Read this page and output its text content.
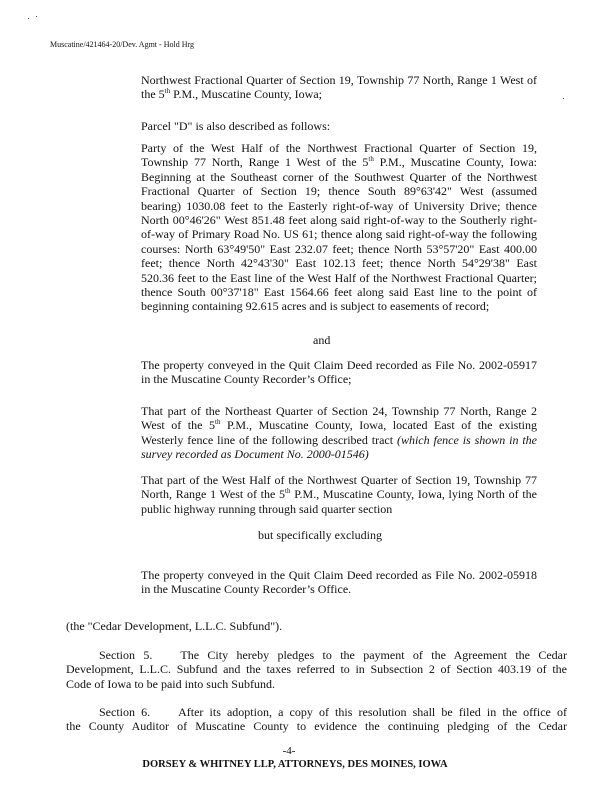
Muscatine/421464-20/Dev. Agmt - Hold Hrg
Northwest Fractional Quarter of Section 19, Township 77 North, Range 1 West of
the 5th P.M., Muscatine County, Iowa;
Parcel "D" is also described as follows:
Party of the West Half of the Northwest Fractional Quarter of Section 19,
Township 77 North, Range 1 West of the 5th P.M., Muscatine County, Iowa:
Beginning at the Southeast corner of the Southwest Quarter of the Northwest
Fractional Quarter of Section 19; thence South 89°63'42" West (assumed
bearing) 1030.08 feet to the Easterly right-of-way of University Drive; thence
North 00°46'26" West 851.48 feet along said right-of-way to the Southerly right-
of-way of Primary Road No. US 61; thence along said right-of-way the following
courses: North 63°49'50" East 232.07 feet; thence North 53°57'20" East 400.00
feet; thence North 42°43'30" East 102.13 feet; thence North 54°29'38" East
520.36 feet to the East line of the West Half of the Northwest Fractional Quarter;
thence South 00°37'18" East 1564.66 feet along said East line to the point of
beginning containing 92.615 acres and is subject to easements of record;
and
The property conveyed in the Quit Claim Deed recorded as File No. 2002-05917
in the Muscatine County Recorder’s Office;
That part of the Northeast Quarter of Section 24, Township 77 North, Range 2
West of the 5th P.M., Muscatine County, Iowa, located East of the existing
Westerly fence line of the following described tract (which fence is shown in the
survey recorded as Document No. 2000-01546)
That part of the West Half of the Northwest Quarter of Section 19, Township 77
North, Range 1 West of the 5th P.M., Muscatine County, Iowa, lying North of the
public highway running through said quarter section
but specifically excluding
The property conveyed in the Quit Claim Deed recorded as File No. 2002-05918
in the Muscatine County Recorder’s Office.
(the "Cedar Development, L.L.C. Subfund").
Section 5. The City hereby pledges to the payment of the Agreement the Cedar
Development, L.L.C. Subfund and the taxes referred to in Subsection 2 of Section 403.19 of the
Code of Iowa to be paid into such Subfund.
Section 6. After its adoption, a copy of this resolution shall be filed in the office of
the County Auditor of Muscatine County to evidence the continuing pledging of the Cedar
-4-
DORSEY & WHITNEY LLP, ATTORNEYS, DES MOINES, IOWA
